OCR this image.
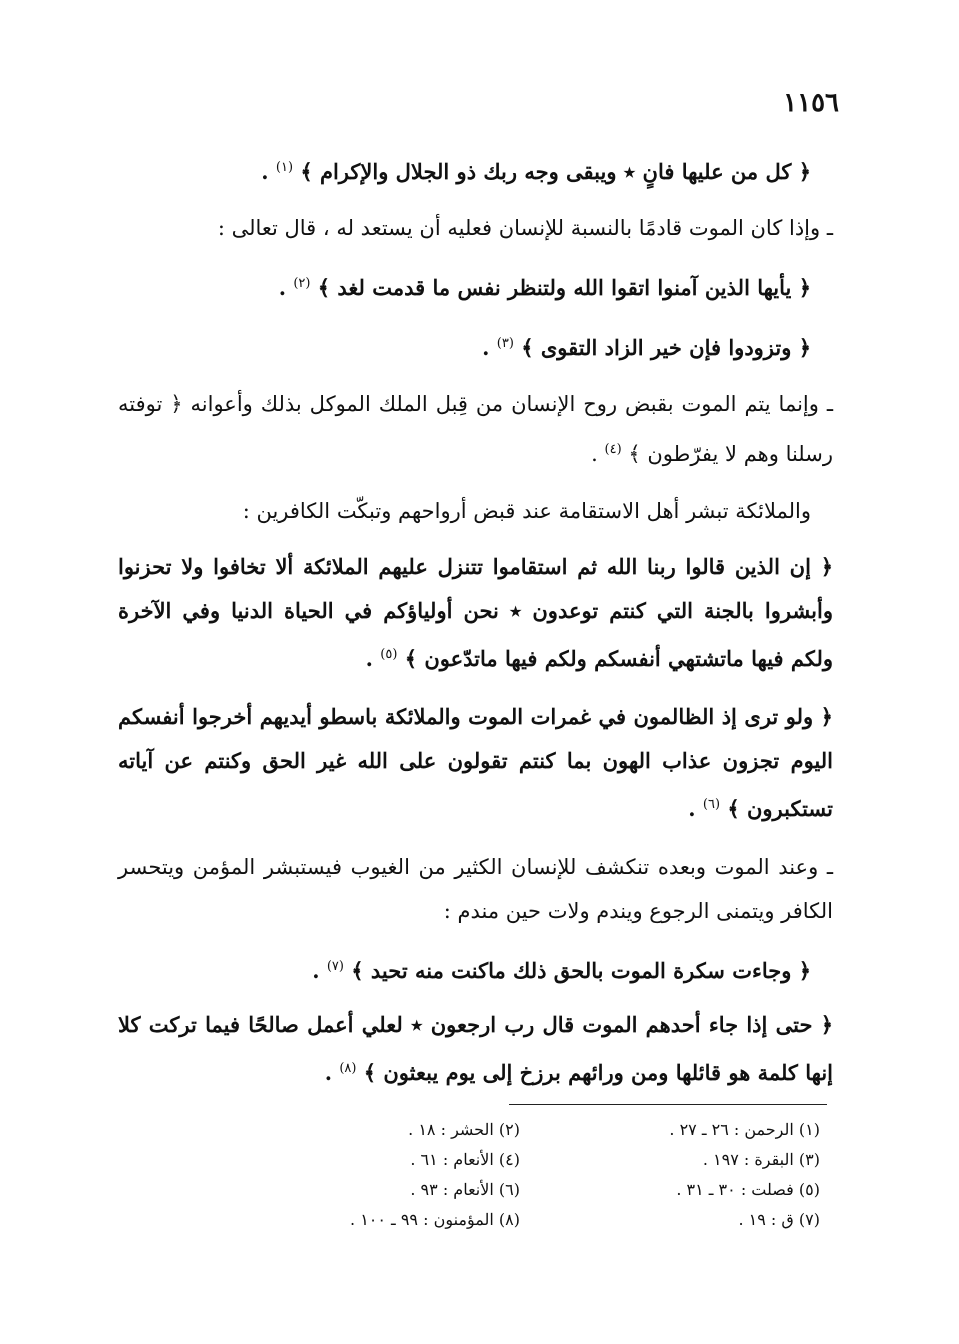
١١٥٦

﴿ كل من عليها فانٍ ٭ ويبقى وجه ربك ذو الجلال والإكرام ﴾ $^{(١)}$ .

ـ وإذا كان الموت قادمًا بالنسبة للإنسان فعليه أن يستعد له ، قال تعالى :

﴿ يأيها الذين آمنوا اتقوا الله ولتنظر نفس ما قدمت لغد ﴾ $^{(٢)}$ .

﴿ وتزودوا فإن خير الزاد التقوى ﴾ $^{(٣)}$ .

ـ وإنما يتم الموت بقبض روح الإنسان من قِبل الملك الموكل بذلك وأعوانه ﴿ توفته رسلنا وهم لا يفرّطون ﴾ $^{(٤)}$ .

والملائكة تبشر أهل الاستقامة عند قبض أرواحهم وتبكّت الكافرين :

﴿ إن الذين قالوا ربنا الله ثم استقاموا تتنزل عليهم الملائكة ألا تخافوا ولا تحزنوا وأبشروا بالجنة التي كنتم توعدون ٭ نحن أولياؤكم في الحياة الدنيا وفي الآخرة ولكم فيها ماتشتهي أنفسكم ولكم فيها ماتدّعون ﴾ $^{(٥)}$ .

﴿ ولو ترى إذ الظالمون في غمرات الموت والملائكة باسطو أيديهم أخرجوا أنفسكم اليوم تجزون عذاب الهون بما كنتم تقولون على الله غير الحق وكنتم عن آياته تستكبرون ﴾ $^{(٦)}$ .

ـ وعند الموت وبعده تنكشف للإنسان الكثير من الغيوب فيستبشر المؤمن ويتحسر الكافر ويتمنى الرجوع ويندم ولات حين مندم :

﴿ وجاءت سكرة الموت بالحق ذلك ماكنت منه تحيد ﴾ $^{(٧)}$ .

﴿ حتى إذا جاء أحدهم الموت قال رب ارجعون ٭ لعلي أعمل صالحًا فيما تركت كلا إنها كلمة هو قائلها ومن ورائهم برزخ إلى يوم يبعثون ﴾ $^{(٨)}$ .

(١) الرحمن : ٢٦ ـ ٢٧ .
(٢) الحشر : ١٨ .
(٣) البقرة : ١٩٧ .
(٤) الأنعام : ٦١ .
(٥) فصلت : ٣٠ ـ ٣١ .
(٦) الأنعام : ٩٣ .
(٧) ق : ١٩ .
(٨) المؤمنون : ٩٩ ـ ١٠٠ .
